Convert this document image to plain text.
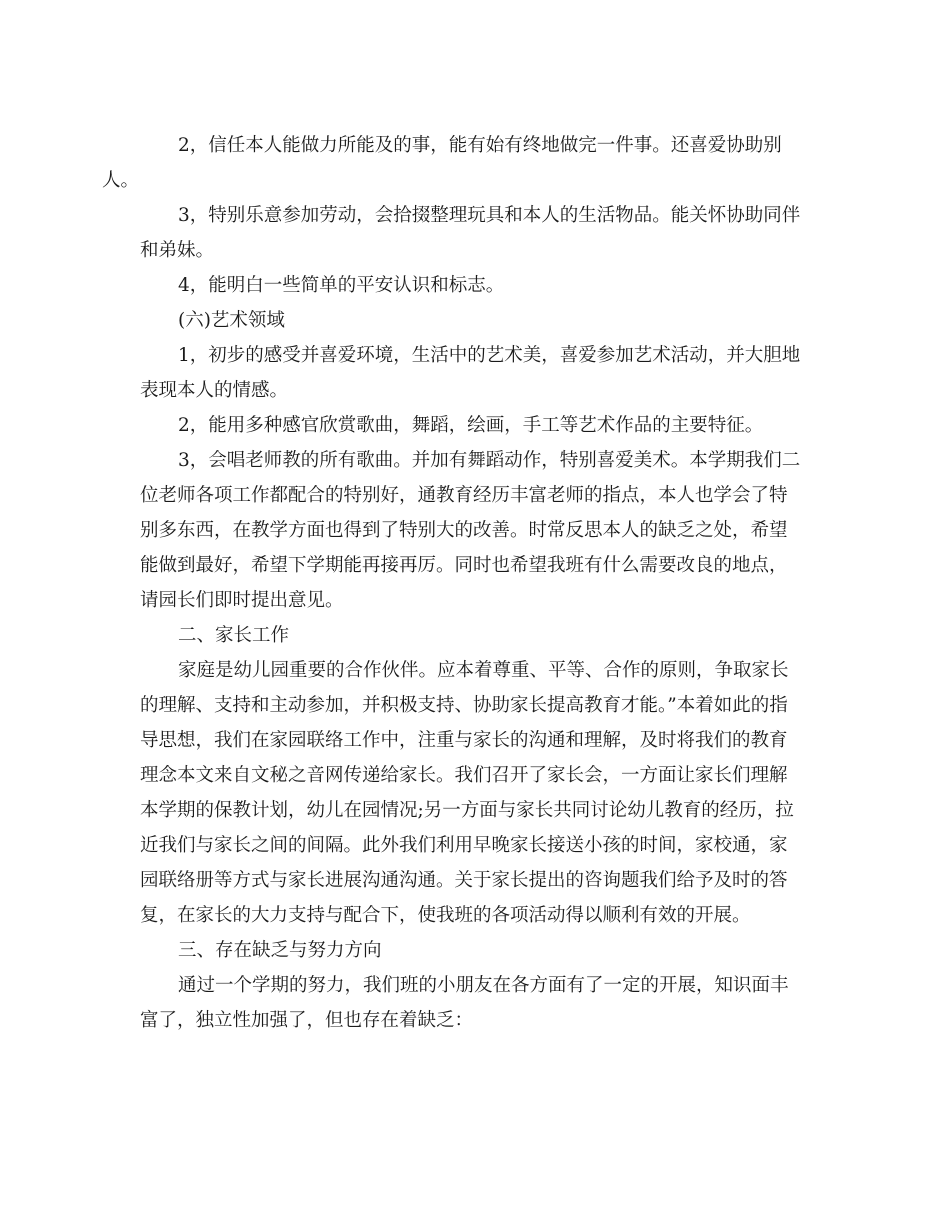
2，信任本人能做力所能及的事，能有始有终地做完一件事。还喜爱协助别
人。

3，特别乐意参加劳动，会拾掇整理玩具和本人的生活物品。能关怀协助同伴
和弟妹。

4，能明白一些简单的平安认识和标志。

(六)艺术领域

1，初步的感受并喜爱环境，生活中的艺术美，喜爱参加艺术活动，并大胆地
表现本人的情感。

2，能用多种感官欣赏歌曲，舞蹈，绘画，手工等艺术作品的主要特征。

3，会唱老师教的所有歌曲。并加有舞蹈动作，特别喜爱美术。本学期我们二
位老师各项工作都配合的特别好，通教育经历丰富老师的指点，本人也学会了特
别多东西，在教学方面也得到了特别大的改善。时常反思本人的缺乏之处，希望
能做到最好，希望下学期能再接再厉。同时也希望我班有什么需要改良的地点，
请园长们即时提出意见。

二、家长工作

家庭是幼儿园重要的合作伙伴。应本着尊重、平等、合作的原则，争取家长
的理解、支持和主动参加，并积极支持、协助家长提高教育才能。”本着如此的指
导思想，我们在家园联络工作中，注重与家长的沟通和理解，及时将我们的教育
理念本文来自文秘之音网传递给家长。我们召开了家长会，一方面让家长们理解
本学期的保教计划，幼儿在园情况;另一方面与家长共同讨论幼儿教育的经历，拉
近我们与家长之间的间隔。此外我们利用早晚家长接送小孩的时间，家校通，家
园联络册等方式与家长进展沟通沟通。关于家长提出的咨询题我们给予及时的答
复，在家长的大力支持与配合下，使我班的各项活动得以顺利有效的开展。

三、存在缺乏与努力方向

通过一个学期的努力，我们班的小朋友在各方面有了一定的开展，知识面丰
富了，独立性加强了，但也存在着缺乏：
